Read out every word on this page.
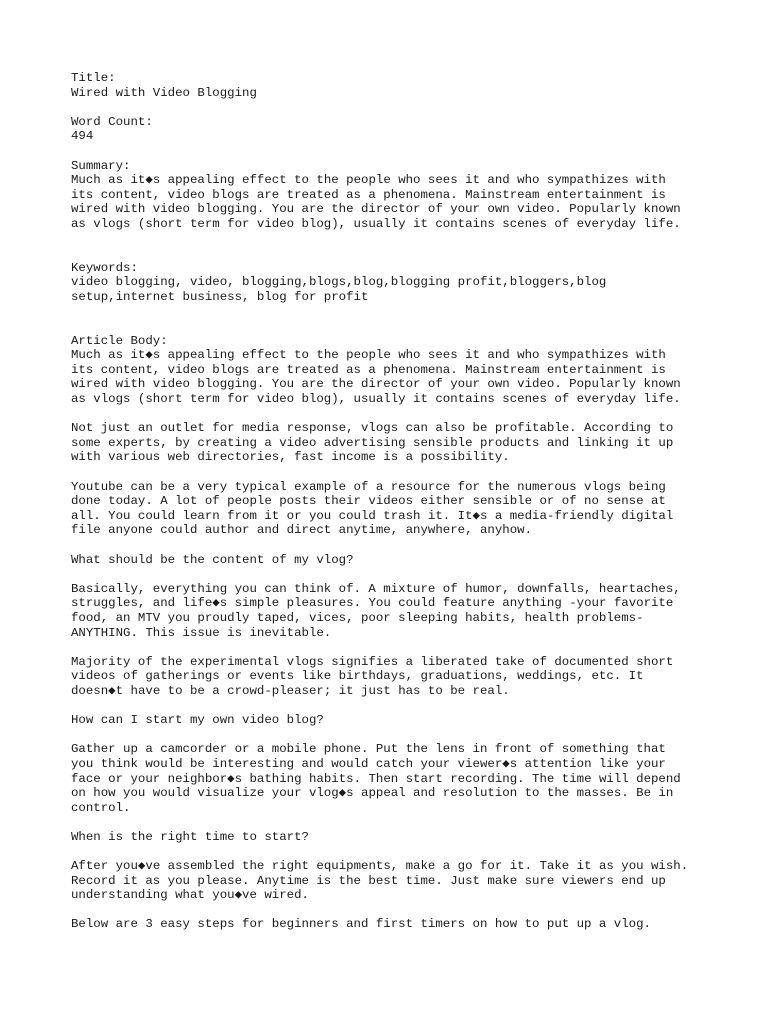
Title:
Wired with Video Blogging
Word Count:
494
Summary:
Much as it◆s appealing effect to the people who sees it and who sympathizes with
its content, video blogs are treated as a phenomena. Mainstream entertainment is
wired with video blogging. You are the director of your own video. Popularly known
as vlogs (short term for video blog), usually it contains scenes of everyday life.
Keywords:
video blogging, video, blogging,blogs,blog,blogging profit,bloggers,blog
setup,internet business, blog for profit
Article Body:
Much as it◆s appealing effect to the people who sees it and who sympathizes with
its content, video blogs are treated as a phenomena. Mainstream entertainment is
wired with video blogging. You are the director of your own video. Popularly known
as vlogs (short term for video blog), usually it contains scenes of everyday life.
Not just an outlet for media response, vlogs can also be profitable. According to
some experts, by creating a video advertising sensible products and linking it up
with various web directories, fast income is a possibility.
Youtube can be a very typical example of a resource for the numerous vlogs being
done today. A lot of people posts their videos either sensible or of no sense at
all. You could learn from it or you could trash it. It◆s a media-friendly digital
file anyone could author and direct anytime, anywhere, anyhow.
What should be the content of my vlog?
Basically, everything you can think of. A mixture of humor, downfalls, heartaches,
struggles, and life◆s simple pleasures. You could feature anything -your favorite
food, an MTV you proudly taped, vices, poor sleeping habits, health problems-
ANYTHING. This issue is inevitable.
Majority of the experimental vlogs signifies a liberated take of documented short
videos of gatherings or events like birthdays, graduations, weddings, etc. It
doesn◆t have to be a crowd-pleaser; it just has to be real.
How can I start my own video blog?
Gather up a camcorder or a mobile phone. Put the lens in front of something that
you think would be interesting and would catch your viewer◆s attention like your
face or your neighbor◆s bathing habits. Then start recording. The time will depend
on how you would visualize your vlog◆s appeal and resolution to the masses. Be in
control.
When is the right time to start?
After you◆ve assembled the right equipments, make a go for it. Take it as you wish.
Record it as you please. Anytime is the best time. Just make sure viewers end up
understanding what you◆ve wired.
Below are 3 easy steps for beginners and first timers on how to put up a vlog.
